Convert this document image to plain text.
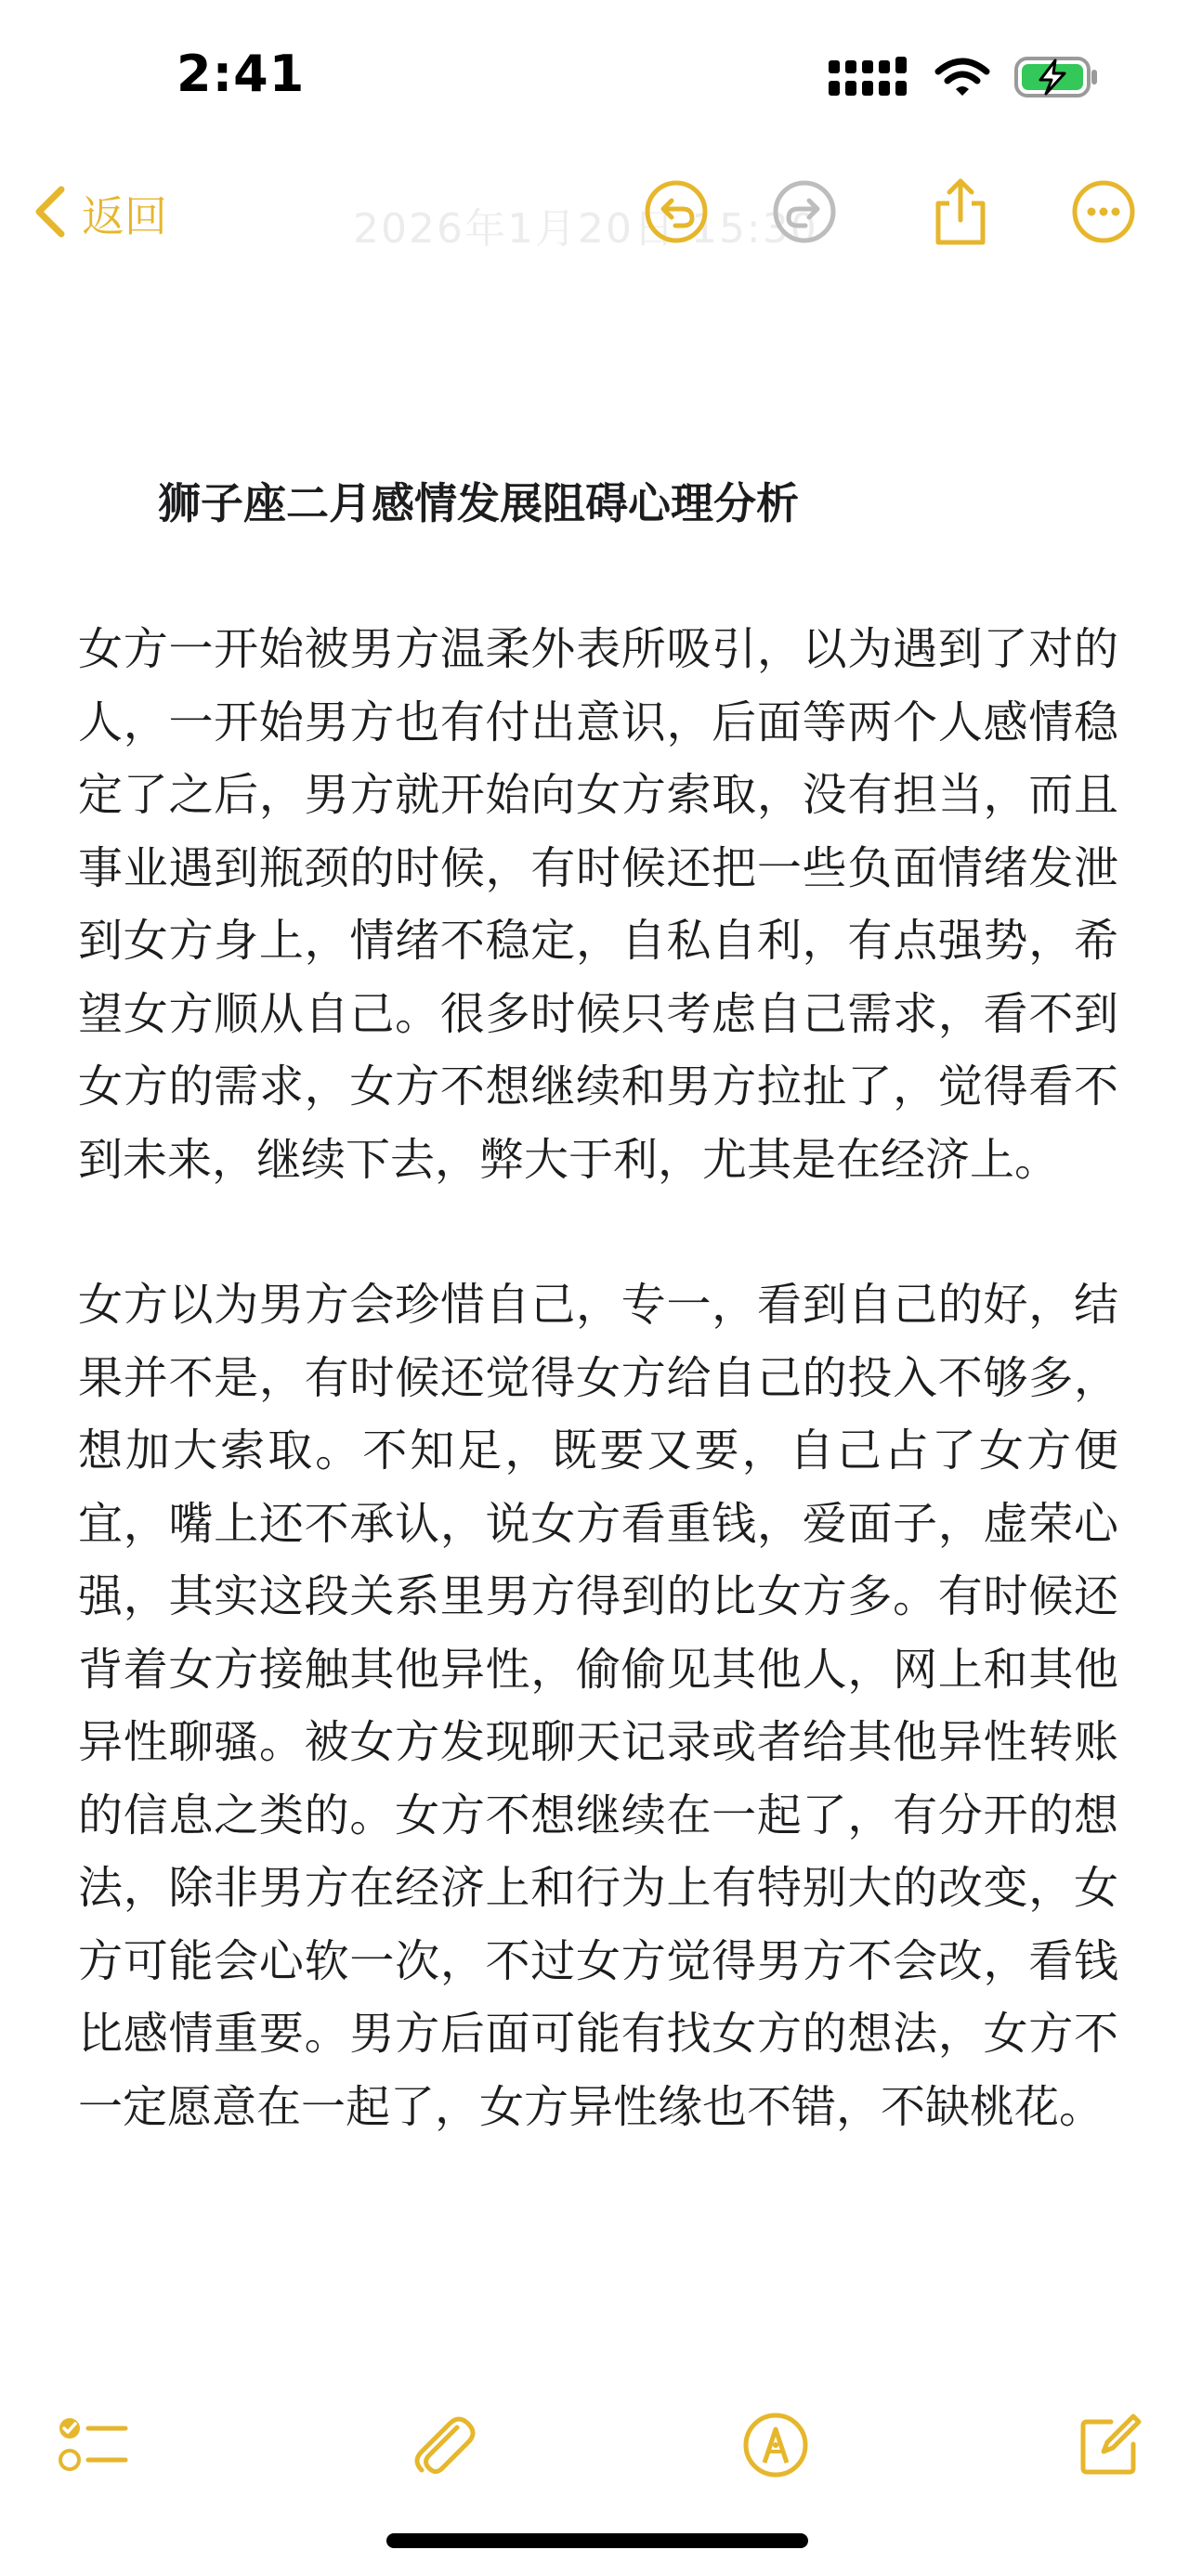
2:41
2026年1月20日 15:30
返回
狮子座二月感情发展阻碍心理分析

女方一开始被男方温柔外表所吸引，以为遇到了对的人，一开始男方也有付出意识，后面等两个人感情稳定了之后，男方就开始向女方索取，没有担当，而且事业遇到瓶颈的时候，有时候还把一些负面情绪发泄到女方身上，情绪不稳定，自私自利，有点强势，希望女方顺从自己。很多时候只考虑自己需求，看不到女方的需求，女方不想继续和男方拉扯了，觉得看不到未来，继续下去，弊大于利，尤其是在经济上。

女方以为男方会珍惜自己，专一，看到自己的好，结果并不是，有时候还觉得女方给自己的投入不够多，想加大索取。不知足，既要又要，自己占了女方便宜，嘴上还不承认，说女方看重钱，爱面子，虚荣心强，其实这段关系里男方得到的比女方多。有时候还背着女方接触其他异性，偷偷见其他人，网上和其他异性聊骚。被女方发现聊天记录或者给其他异性转账的信息之类的。女方不想继续在一起了，有分开的想法，除非男方在经济上和行为上有特别大的改变，女方可能会心软一次，不过女方觉得男方不会改，看钱比感情重要。男方后面可能有找女方的想法，女方不一定愿意在一起了，女方异性缘也不错，不缺桃花。
